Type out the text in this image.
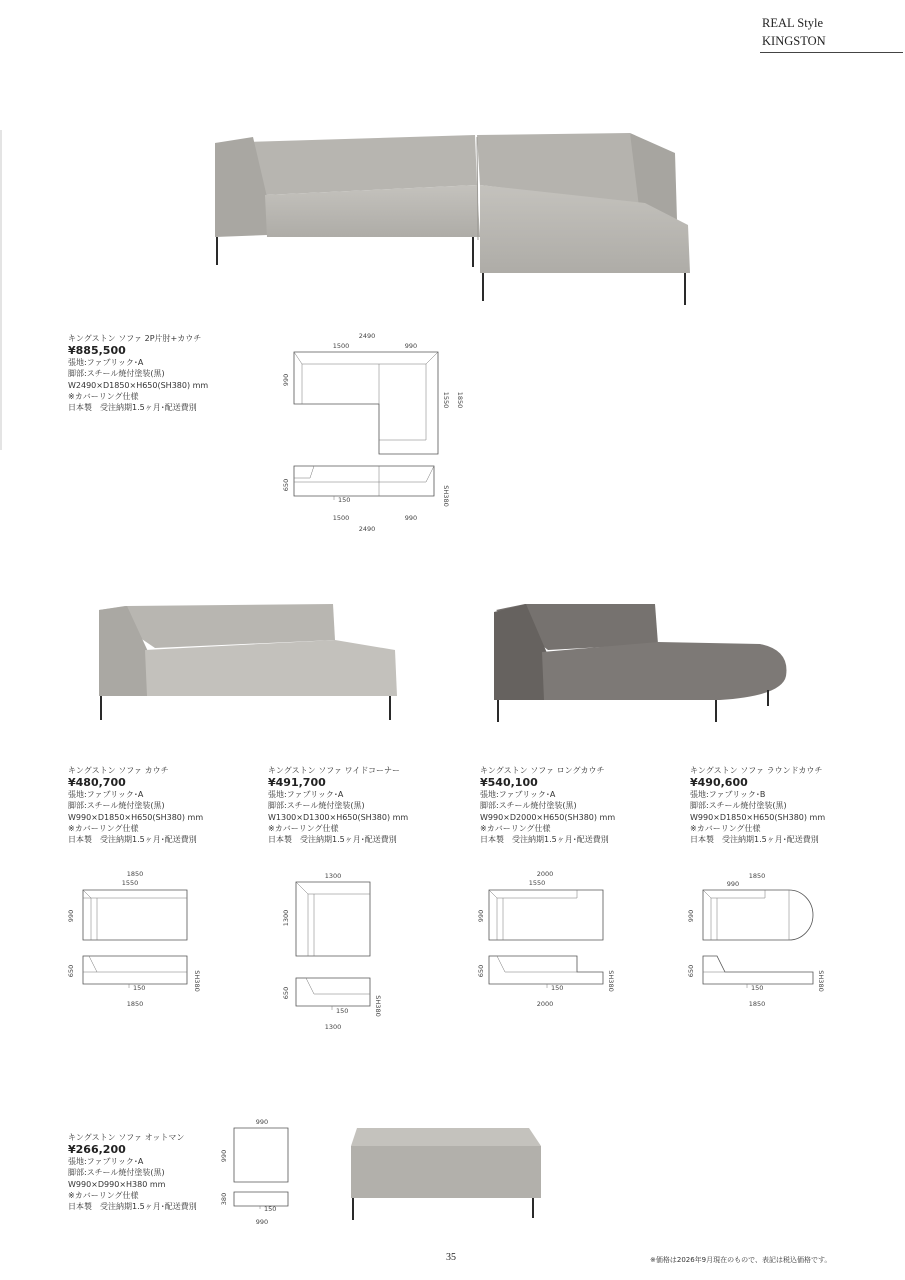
REAL Style
KINGSTON
キングストン ソファ 2P片肘+カウチ
¥885,500
張地:ファブリック･A
脚部:スチール焼付塗装(黒)
W2490×D1850×H650(SH380) mm
※カバーリング仕様
日本製　受注納期1.5ヶ月･配送費別
2490
1500	990
990
1550 1850
650
150	SH380
1500	990
2490
キングストン ソファ カウチ
¥480,700
張地:ファブリック･A
脚部:スチール焼付塗装(黒)
W990×D1850×H650(SH380) mm
※カバーリング仕様
日本製　受注納期1.5ヶ月･配送費別
キングストン ソファ ワイドコーナー
¥491,700
張地:ファブリック･A
脚部:スチール焼付塗装(黒)
W1300×D1300×H650(SH380) mm
※カバーリング仕様
日本製　受注納期1.5ヶ月･配送費別
キングストン ソファ ロングカウチ
¥540,100
張地:ファブリック･A
脚部:スチール焼付塗装(黒)
W990×D2000×H650(SH380) mm
※カバーリング仕様
日本製　受注納期1.5ヶ月･配送費別
キングストン ソファ ラウンドカウチ
¥490,600
張地:ファブリック･B
脚部:スチール焼付塗装(黒)
W990×D1850×H650(SH380) mm
※カバーリング仕様
日本製　受注納期1.5ヶ月･配送費別
1850
1550
990
650
150	SH380
1850
1300
1300
650
150	SH380
1300
2000
1550
990
650
150	SH380
2000
1850
990
990
650
150	SH380
1850
キングストン ソファ オットマン
¥266,200
張地:ファブリック･A
脚部:スチール焼付塗装(黒)
W990×D990×H380 mm
※カバーリング仕様
日本製　受注納期1.5ヶ月･配送費別
990
990
380
150
990
35	※価格は2026年9月現在のもので、表記は税込価格です。
